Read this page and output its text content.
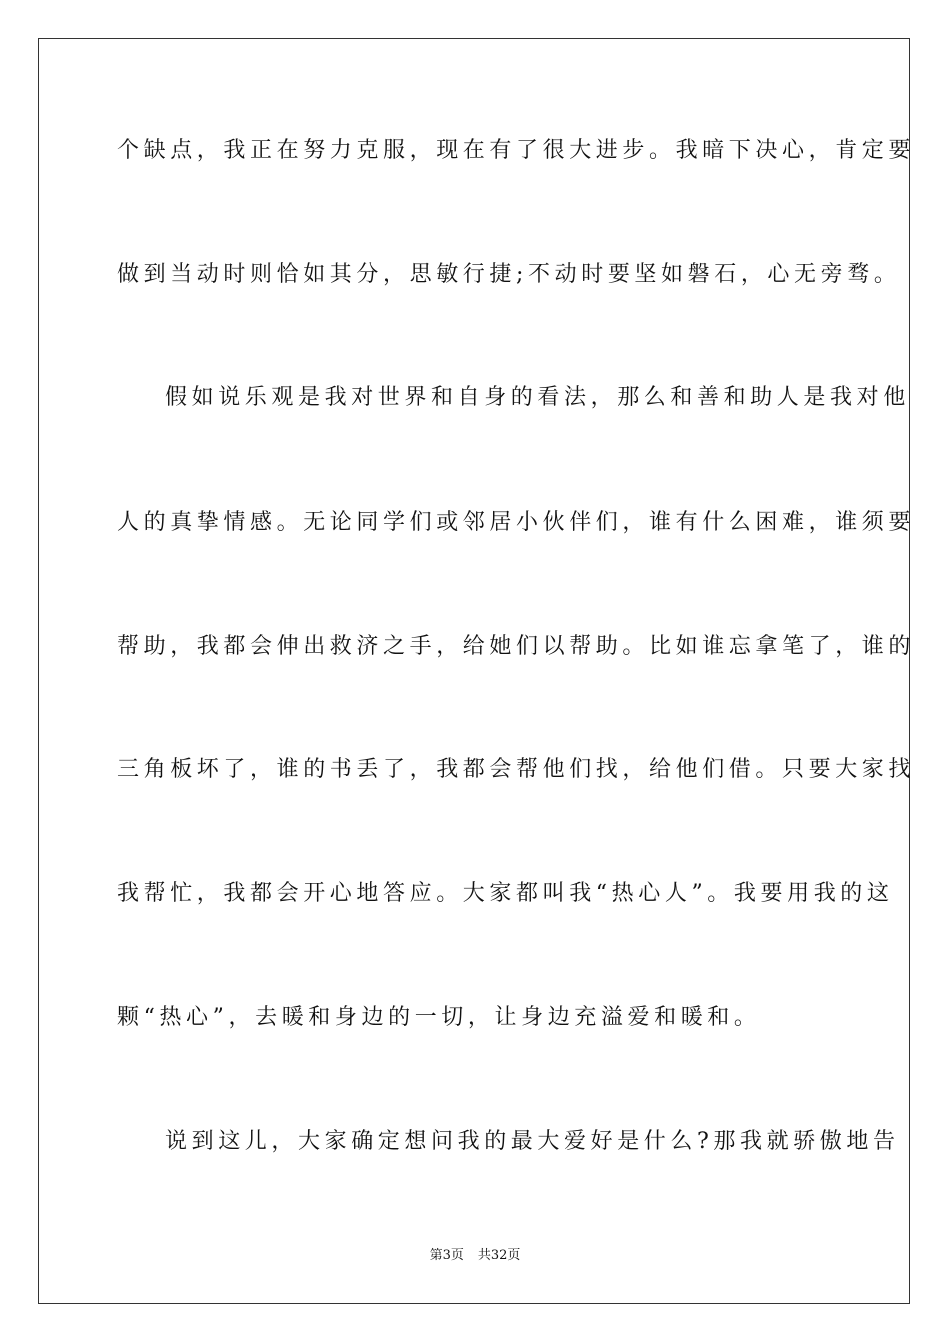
个缺点，我正在努力克服，现在有了很大进步。我暗下决心，肯定要
做到当动时则恰如其分，思敏行捷;不动时要坚如磐石，心无旁骛。
假如说乐观是我对世界和自身的看法，那么和善和助人是我对他
人的真挚情感。无论同学们或邻居小伙伴们，谁有什么困难，谁须要
帮助，我都会伸出救济之手，给她们以帮助。比如谁忘拿笔了，谁的
三角板坏了，谁的书丢了，我都会帮他们找，给他们借。只要大家找
我帮忙，我都会开心地答应。大家都叫我“热心人”。我要用我的这
颗“热心”，去暖和身边的一切，让身边充溢爱和暖和。
说到这儿，大家确定想问我的最大爱好是什么?那我就骄傲地告
第3页 共32页
